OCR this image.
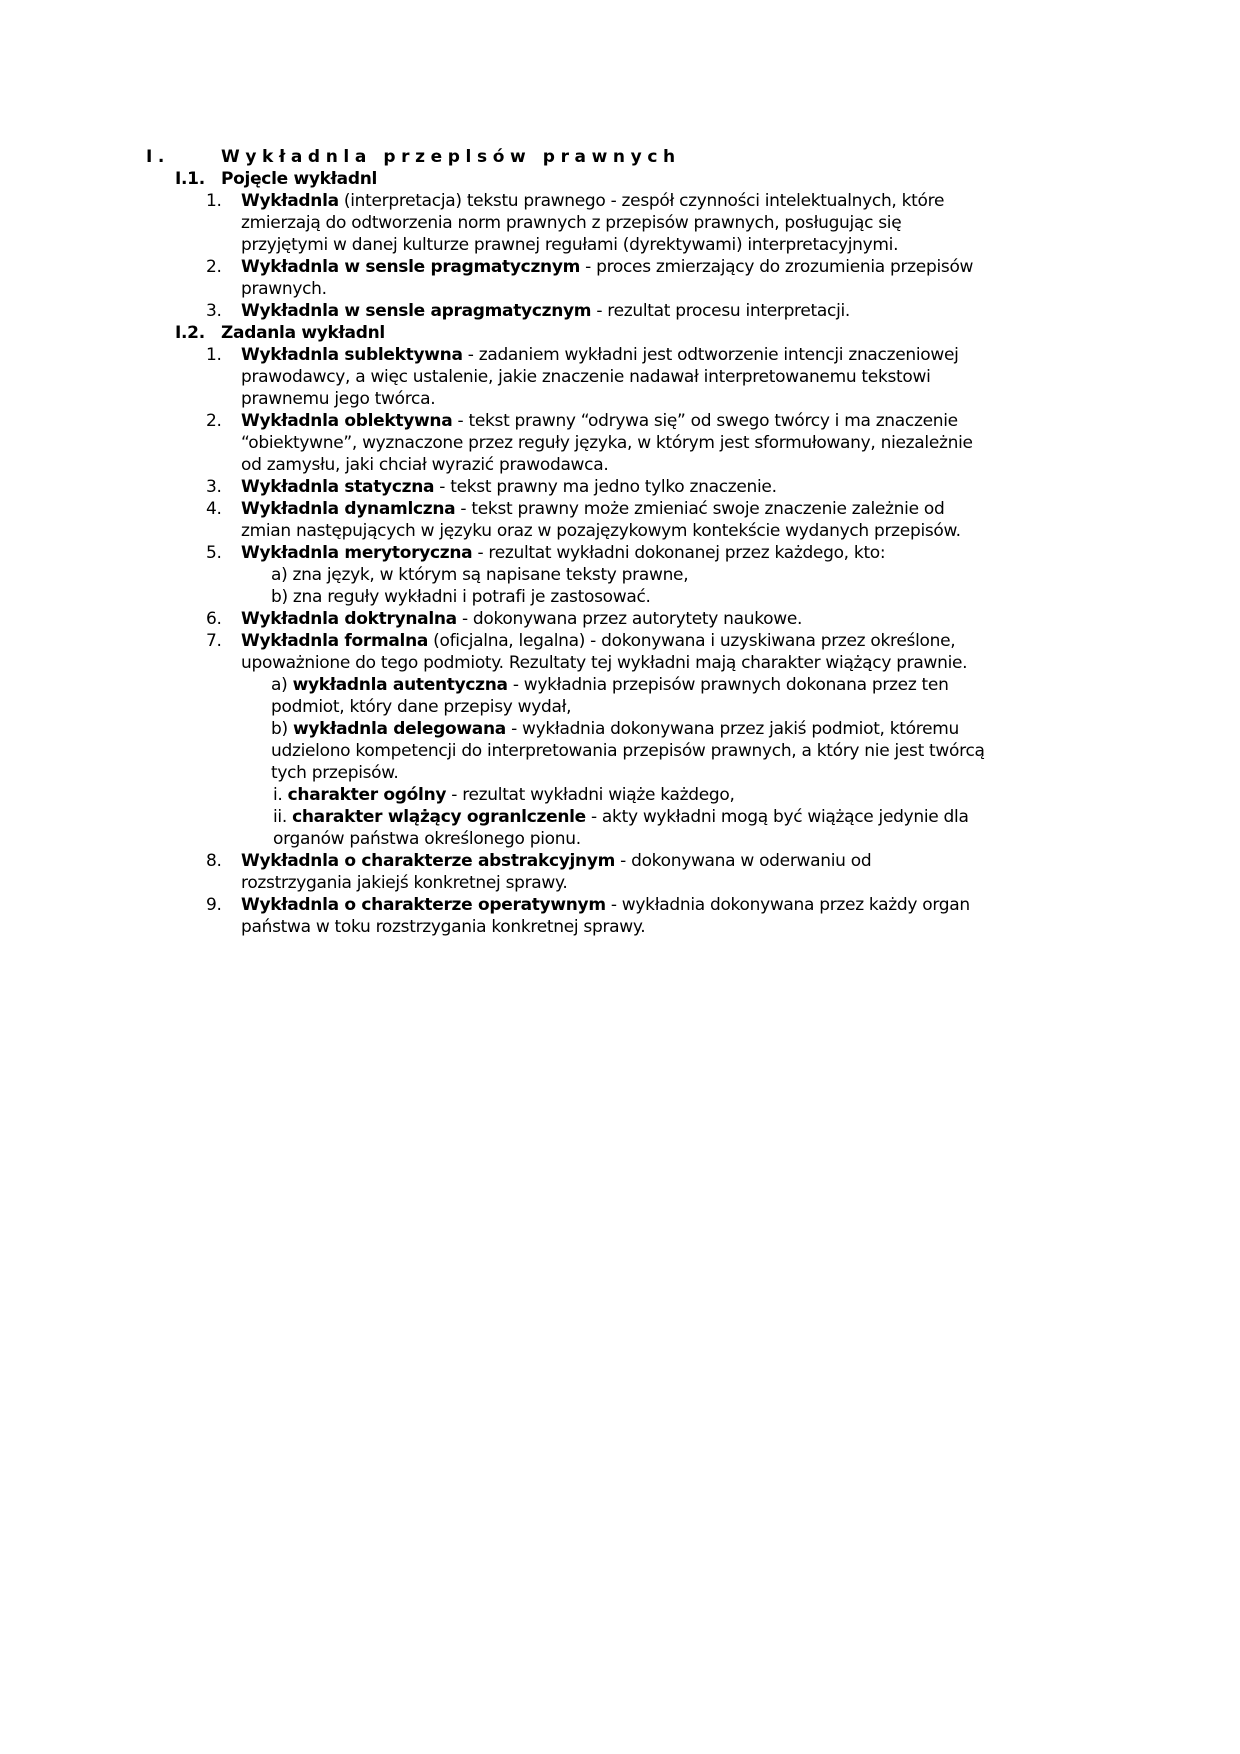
I.	Wykładnla przeplsów prawnych
I.1. Pojęcle wykładnl
1. Wykładnla (interpretacja) tekstu prawnego - zespół czynności intelektualnych, które
zmierzają do odtworzenia norm prawnych z przepisów prawnych, posługując się
przyjętymi w danej kulturze prawnej regułami (dyrektywami) interpretacyjnymi.
2. Wykładnla w sensle pragmatycznym - proces zmierzający do zrozumienia przepisów
prawnych.
3. Wykładnla w sensle apragmatycznym - rezultat procesu interpretacji.
I.2. Zadanla wykładnl
1. Wykładnla sublektywna - zadaniem wykładni jest odtworzenie intencji znaczeniowej
prawodawcy, a więc ustalenie, jakie znaczenie nadawał interpretowanemu tekstowi
prawnemu jego twórca.
2. Wykładnla oblektywna - tekst prawny “odrywa się” od swego twórcy i ma znaczenie
“obiektywne”, wyznaczone przez reguły języka, w którym jest sformułowany, niezależnie
od zamysłu, jaki chciał wyrazić prawodawca.
3. Wykładnla statyczna - tekst prawny ma jedno tylko znaczenie.
4. Wykładnla dynamlczna - tekst prawny może zmieniać swoje znaczenie zależnie od
zmian następujących w języku oraz w pozajęzykowym kontekście wydanych przepisów.
5. Wykładnla merytoryczna - rezultat wykładni dokonanej przez każdego, kto:
a) zna język, w którym są napisane teksty prawne,
b) zna reguły wykładni i potrafi je zastosować.
6. Wykładnla doktrynalna - dokonywana przez autorytety naukowe.
7. Wykładnla formalna (oficjalna, legalna) - dokonywana i uzyskiwana przez określone,
upoważnione do tego podmioty. Rezultaty tej wykładni mają charakter wiążący prawnie.
a) wykładnla autentyczna - wykładnia przepisów prawnych dokonana przez ten
podmiot, który dane przepisy wydał,
b) wykładnla delegowana - wykładnia dokonywana przez jakiś podmiot, któremu
udzielono kompetencji do interpretowania przepisów prawnych, a który nie jest twórcą
tych przepisów.
i. charakter ogólny - rezultat wykładni wiąże każdego,
ii. charakter wlążący ogranlczenle - akty wykładni mogą być wiążące jedynie dla
organów państwa określonego pionu.
8. Wykładnla o charakterze abstrakcyjnym - dokonywana w oderwaniu od
rozstrzygania jakiejś konkretnej sprawy.
9. Wykładnla o charakterze operatywnym - wykładnia dokonywana przez każdy organ
państwa w toku rozstrzygania konkretnej sprawy.
